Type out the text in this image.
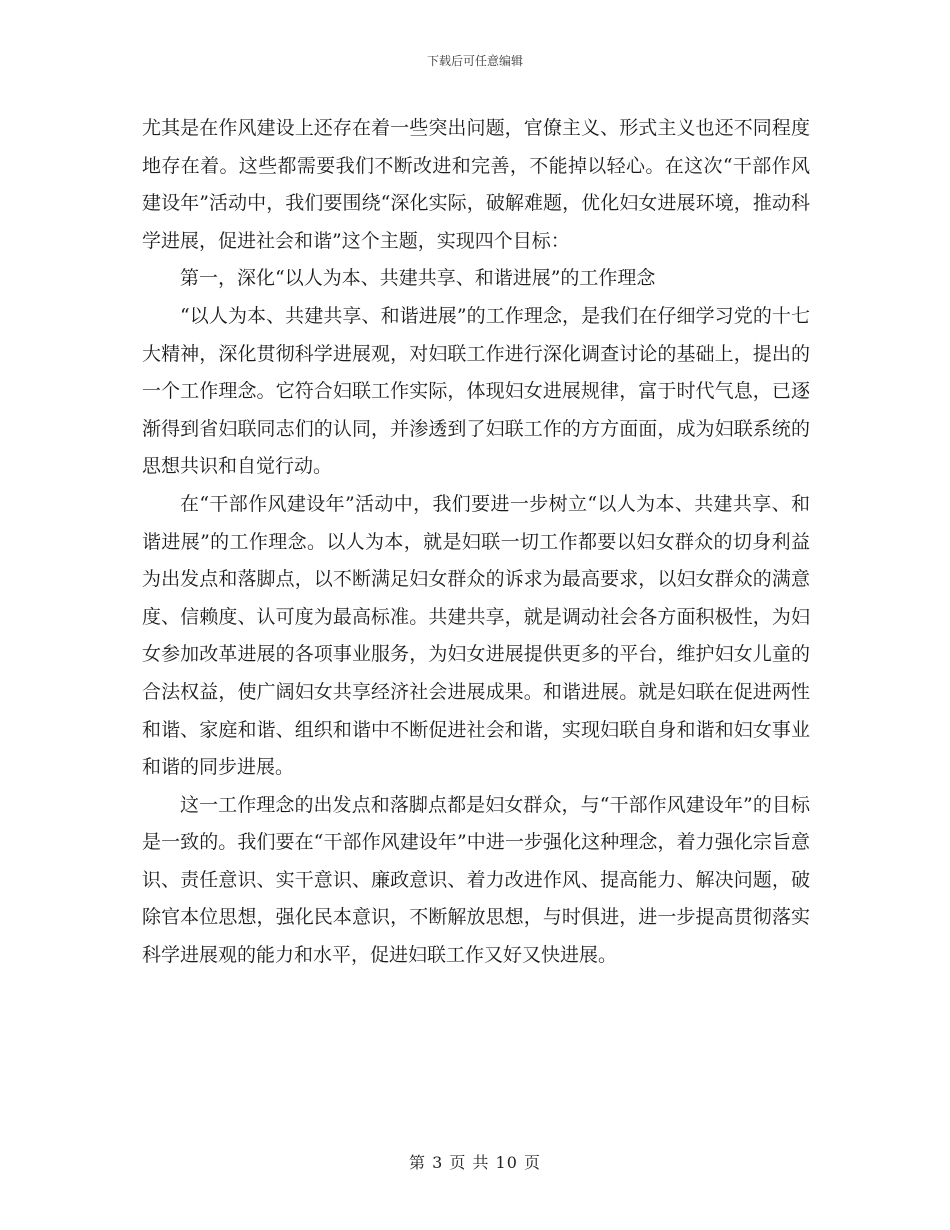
下载后可任意编辑

尤其是在作风建设上还存在着一些突出问题，官僚主义、形式主义也还不同程度地存在着。这些都需要我们不断改进和完善，不能掉以轻心。在这次“干部作风建设年”活动中，我们要围绕“深化实际，破解难题，优化妇女进展环境，推动科学进展，促进社会和谐”这个主题，实现四个目标：

第一，深化“以人为本、共建共享、和谐进展”的工作理念

“以人为本、共建共享、和谐进展”的工作理念，是我们在仔细学习党的十七大精神，深化贯彻科学进展观，对妇联工作进行深化调查讨论的基础上，提出的一个工作理念。它符合妇联工作实际，体现妇女进展规律，富于时代气息，已逐渐得到省妇联同志们的认同，并渗透到了妇联工作的方方面面，成为妇联系统的思想共识和自觉行动。

在“干部作风建设年”活动中，我们要进一步树立“以人为本、共建共享、和谐进展”的工作理念。以人为本，就是妇联一切工作都要以妇女群众的切身利益为出发点和落脚点，以不断满足妇女群众的诉求为最高要求，以妇女群众的满意度、信赖度、认可度为最高标准。共建共享，就是调动社会各方面积极性，为妇女参加改革进展的各项事业服务，为妇女进展提供更多的平台，维护妇女儿童的合法权益，使广阔妇女共享经济社会进展成果。和谐进展。就是妇联在促进两性和谐、家庭和谐、组织和谐中不断促进社会和谐，实现妇联自身和谐和妇女事业和谐的同步进展。

这一工作理念的出发点和落脚点都是妇女群众，与“干部作风建设年”的目标是一致的。我们要在“干部作风建设年”中进一步强化这种理念，着力强化宗旨意识、责任意识、实干意识、廉政意识、着力改进作风、提高能力、解决问题，破除官本位思想，强化民本意识，不断解放思想，与时俱进，进一步提高贯彻落实科学进展观的能力和水平，促进妇联工作又好又快进展。

第 3 页 共 10 页
